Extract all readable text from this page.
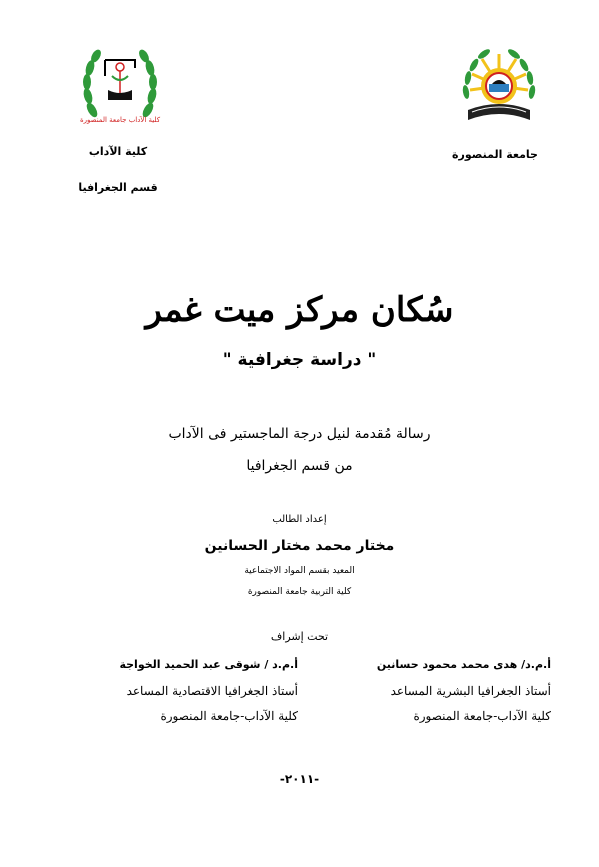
كلية الآداب جامعة المنصورة
كلية الآداب
قسم الجغرافيا
جامعة المنصورة
سُكان مركز ميت غمر
" دراسة جغرافية "
رسالة مُقدمة لنيل درجة الماجستير فى الآداب
من قسم الجغرافيا
إعداد الطالب
مختار محمد مختار الحسانين
المعيد بقسم المواد الاجتماعية
كلية التربية جامعة المنصورة
تحت إشراف
أ.م.د/ هدى محمد محمود حسانين
أستاذ الجغرافيا البشرية المساعد
كلية الآداب-جامعة المنصورة
أ.م.د / شوقى عبد الحميد الخواجة
أستاذ الجغرافيا الاقتصادية المساعد
كلية الآداب-جامعة المنصورة
-٢٠١١-
